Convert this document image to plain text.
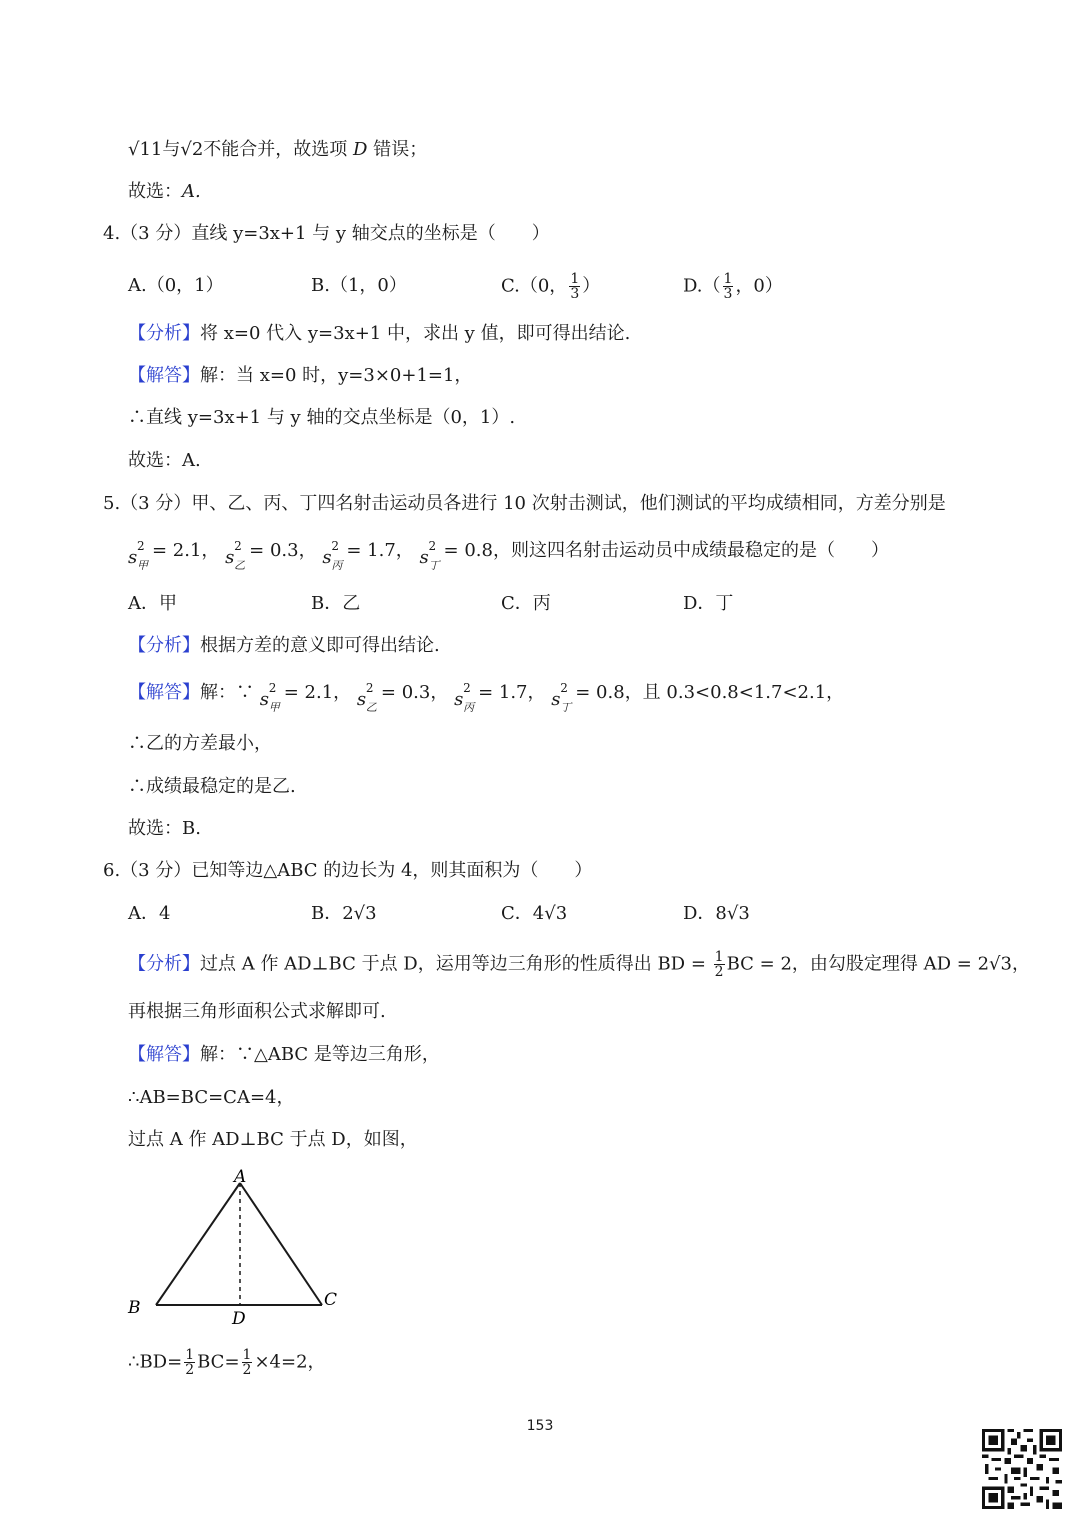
√11与√2不能合并，故选项 D 错误；
故选：A.
4.（3 分）直线 y=3x+1 与 y 轴交点的坐标是（　　）
A.（0，1）	B.（1，0）	C.（0， $\frac{1}{3}$ ）	$D.( \frac{1}{3}$ ，0）
【分析】将 x=0 代入 y=3x+1 中，求出 y 值，即可得出结论.
【解答】解：当 x=0 时，y=3×0+1=1，
∴直线 y=3x+1 与 y 轴的交点坐标是（0，1）.
故选：A.
5.（3 分）甲、乙、丙、丁四名射击运动员各进行 10 次射击测试，他们测试的平均成绩相同，方差分别是
s
2
甲
= 2.1， s
2
乙
= 0.3， s
2
丙
= 1.7， s
2
丁
= 0.8，则这四名射击运动员中成绩最稳定的是（　　）
A．甲	B．乙	C．丙	D．丁
【分析】根据方差的意义即可得出结论.
【解答】解：∵ s
2
甲
= 2.1， s
2
乙
= 0.3， s
2
丙
= 1.7， s
2
丁
= 0.8，且 0.3<0.8<1.7<2.1，
∴乙的方差最小，
∴成绩最稳定的是乙.
故选：B.
6.（3 分）已知等边△ABC 的边长为 4，则其面积为（　　）
A．4	B．2√3	C．4√3	D．8√3
【分析】过点 A 作 AD⊥BC 于点 D，运用等边三角形的性质得出 BD = $\frac{1}{2}$ BC = 2，由勾股定理得 AD = 2√3，
再根据三角形面积公式求解即可.
【解答】解：∵△ABC 是等边三角形，
∴AB=BC=CA=4，
过点 A 作 AD⊥BC 于点 D，如图，
A
B	C
D
∴BD= $\frac{1}{2} BC= \frac{1}{2} \times 4=2$，
153
